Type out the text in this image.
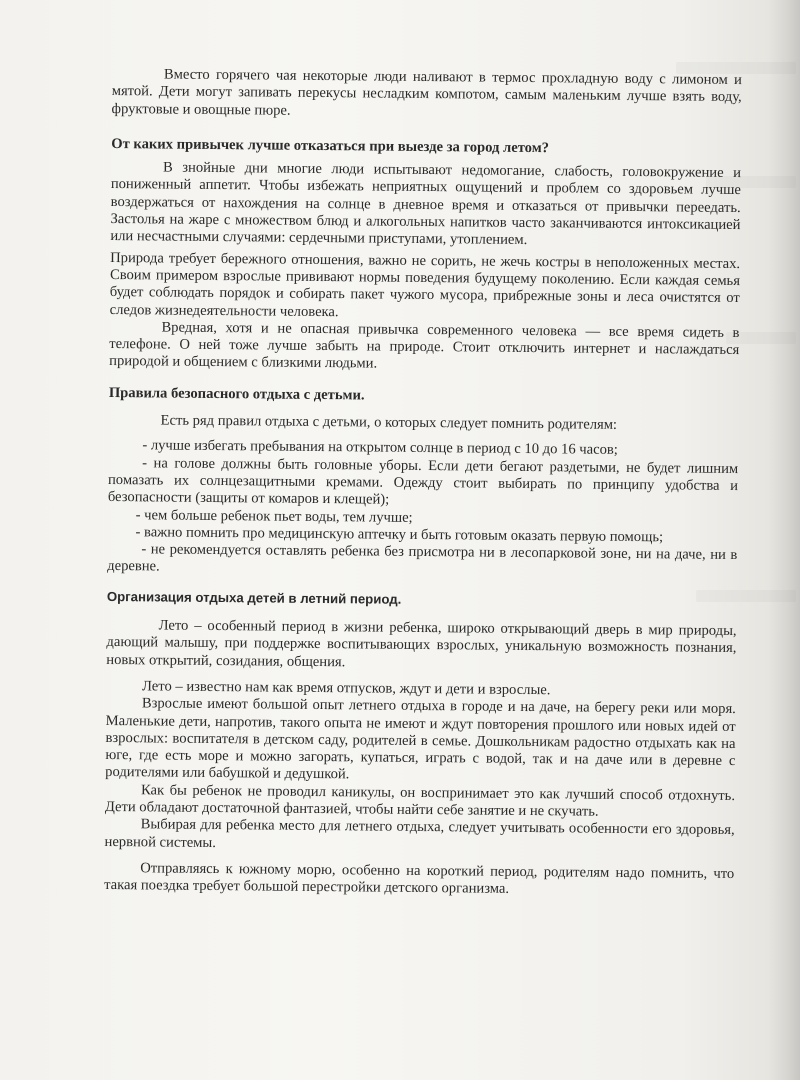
Вместо горячего чая некоторые люди наливают в термос прохладную воду с лимоном и мятой. Дети могут запивать перекусы несладким компотом, самым маленьким лучше взять воду, фруктовые и овощные пюре.

От каких привычек лучше отказаться при выезде за город летом?

В знойные дни многие люди испытывают недомогание, слабость, головокружение и пониженный аппетит. Чтобы избежать неприятных ощущений и проблем со здоровьем лучше воздержаться от нахождения на солнце в дневное время и отказаться от привычки переедать. Застолья на жаре с множеством блюд и алкогольных напитков часто заканчиваются интоксикацией или несчастными случаями: сердечными приступами, утоплением.

Природа требует бережного отношения, важно не сорить, не жечь костры в неположенных местах. Своим примером взрослые прививают нормы поведения будущему поколению. Если каждая семья будет соблюдать порядок и собирать пакет чужого мусора, прибрежные зоны и леса очистятся от следов жизнедеятельности человека.

Вредная, хотя и не опасная привычка современного человека — все время сидеть в телефоне. О ней тоже лучше забыть на природе. Стоит отключить интернет и наслаждаться природой и общением с близкими людьми.

Правила безопасного отдыха с детьми.

Есть ряд правил отдыха с детьми, о которых следует помнить родителям:

- лучше избегать пребывания на открытом солнце в период с 10 до 16 часов;
- на голове должны быть головные уборы. Если дети бегают раздетыми, не будет лишним помазать их солнцезащитными кремами. Одежду стоит выбирать по принципу удобства и безопасности (защиты от комаров и клещей);
- чем больше ребенок пьет воды, тем лучше;
- важно помнить про медицинскую аптечку и быть готовым оказать первую помощь;
- не рекомендуется оставлять ребенка без присмотра ни в лесопарковой зоне, ни на даче, ни в деревне.
Организация отдыха детей в летний период.

Лето – особенный период в жизни ребенка, широко открывающий дверь в мир природы, дающий малышу, при поддержке воспитывающих взрослых, уникальную возможность познания, новых открытий, созидания, общения.

Лето – известно нам как время отпусков, ждут и дети и взрослые.

Взрослые имеют большой опыт летнего отдыха в городе и на даче, на берегу реки или моря. Маленькие дети, напротив, такого опыта не имеют и ждут повторения прошлого или новых идей от взрослых: воспитателя в детском саду, родителей в семье. Дошкольникам радостно отдыхать как на юге, где есть море и можно загорать, купаться, играть с водой, так и на даче или в деревне с родителями или бабушкой и дедушкой.

Как бы ребенок не проводил каникулы, он воспринимает это как лучший способ отдохнуть. Дети обладают достаточной фантазией, чтобы найти себе занятие и не скучать.

Выбирая для ребенка место для летнего отдыха, следует учитывать особенности его здоровья, нервной системы.

Отправляясь к южному морю, особенно на короткий период, родителям надо помнить, что такая поездка требует большой перестройки детского организма.
